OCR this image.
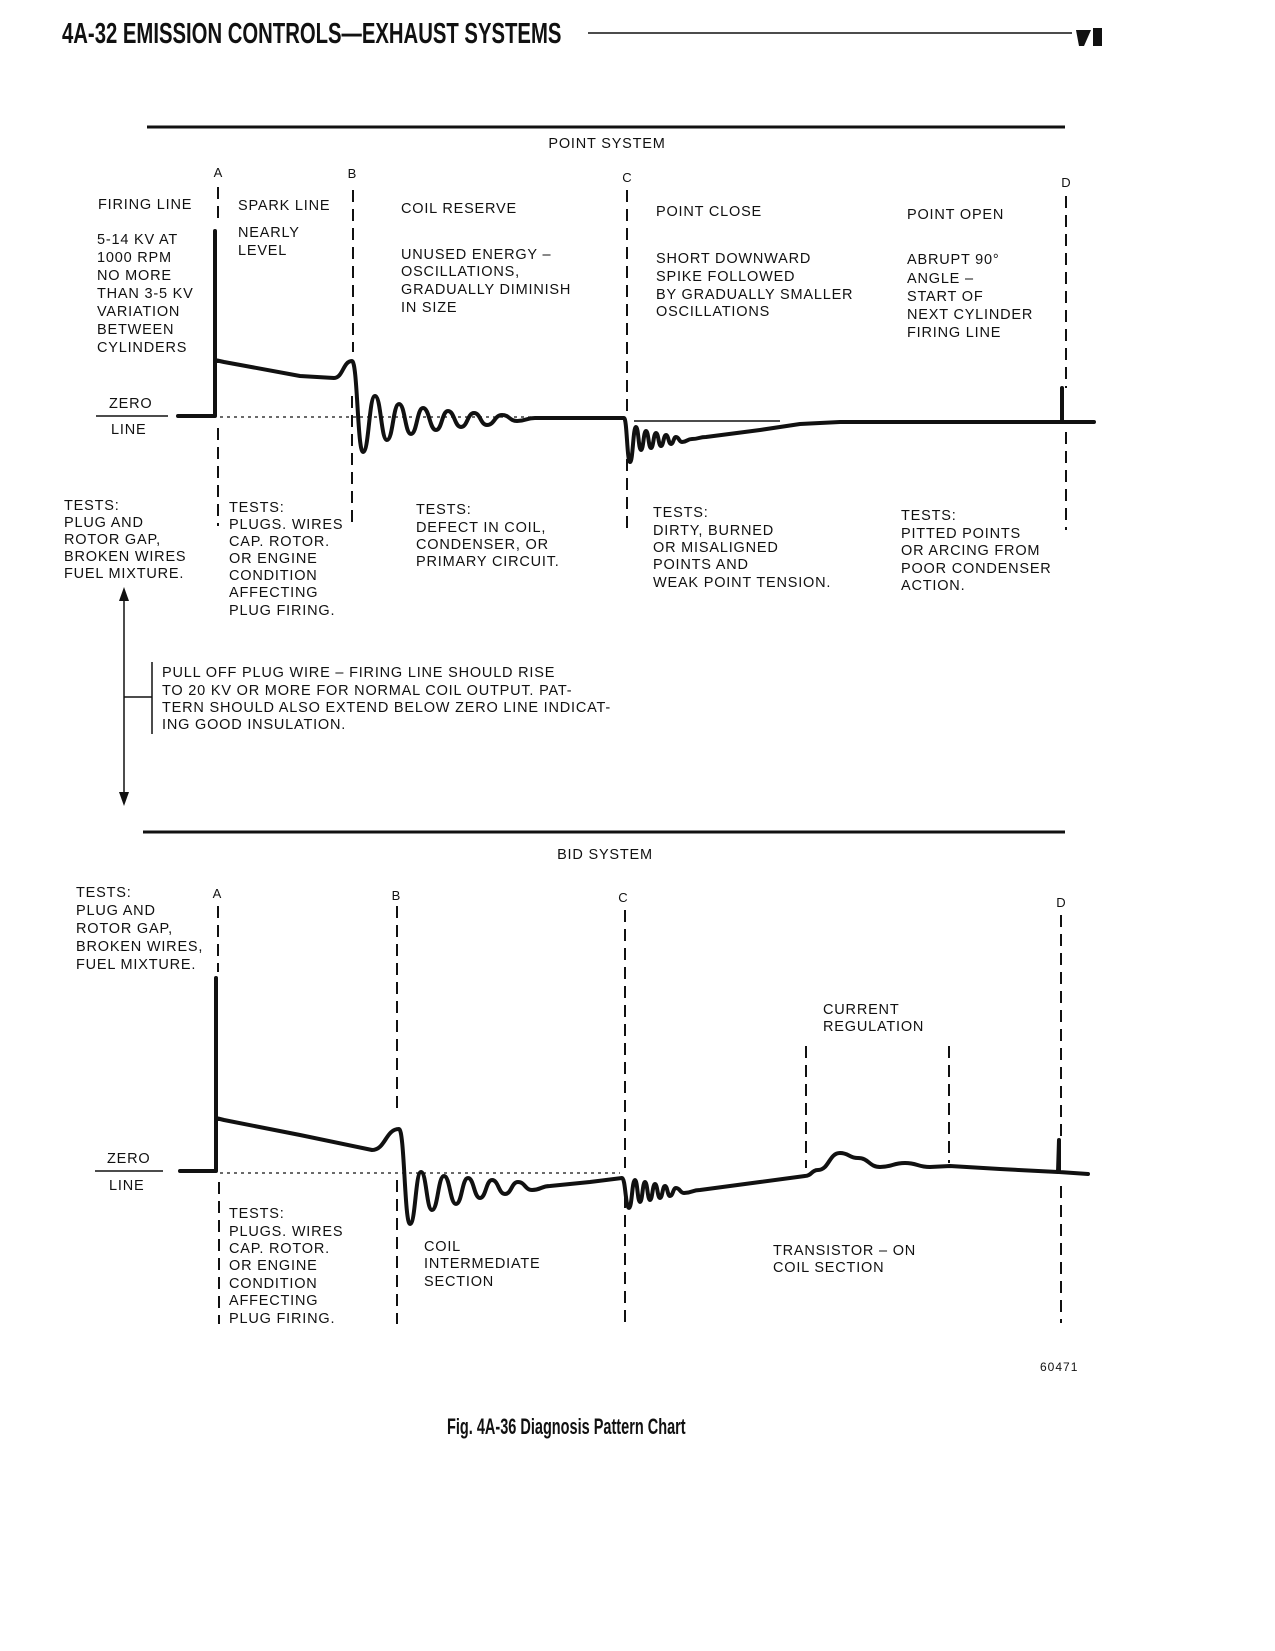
4A-32 EMISSION CONTROLS—EXHAUST SYSTEMS
POINT SYSTEM
A	B	C	D
FIRING LINE	SPARK LINE	COIL RESERVE	POINT CLOSE	POINT OPEN
5-14 KV AT
1000 RPM
NO MORE
THAN 3-5 KV
VARIATION
BETWEEN
CYLINDERS
NEARLY
LEVEL	UNUSED ENERGY –
OSCILLATIONS,
GRADUALLY DIMINISH
IN SIZE
SHORT DOWNWARD
SPIKE FOLLOWED
BY GRADUALLY SMALLER
OSCILLATIONS
ABRUPT 90°
ANGLE –
START OF
NEXT CYLINDER
FIRING LINE
ZERO
LINE
TESTS:
PLUG AND
ROTOR GAP,
BROKEN WIRES
FUEL MIXTURE.
TESTS:
PLUGS. WIRES
CAP. ROTOR.
OR ENGINE
CONDITION
AFFECTING
PLUG FIRING.
TESTS:
DEFECT IN COIL,
CONDENSER, OR
PRIMARY CIRCUIT.
TESTS:
DIRTY, BURNED
OR MISALIGNED
POINTS AND
WEAK POINT TENSION.
TESTS:
PITTED POINTS
OR ARCING FROM
POOR CONDENSER
ACTION.
PULL OFF PLUG WIRE – FIRING LINE SHOULD RISE
TO 20 KV OR MORE FOR NORMAL COIL OUTPUT. PAT-
TERN SHOULD ALSO EXTEND BELOW ZERO LINE INDICAT-
ING GOOD INSULATION.
BID SYSTEM
A	B	C	D
TESTS:
PLUG AND
ROTOR GAP,
BROKEN WIRES,
FUEL MIXTURE.
CURRENT
REGULATION
ZERO
LINE
TESTS:
PLUGS. WIRES
CAP. ROTOR.
OR ENGINE
CONDITION
AFFECTING
PLUG FIRING.
COIL
INTERMEDIATE
SECTION
TRANSISTOR – ON
COIL SECTION
60471
Fig. 4A-36 Diagnosis Pattern Chart
